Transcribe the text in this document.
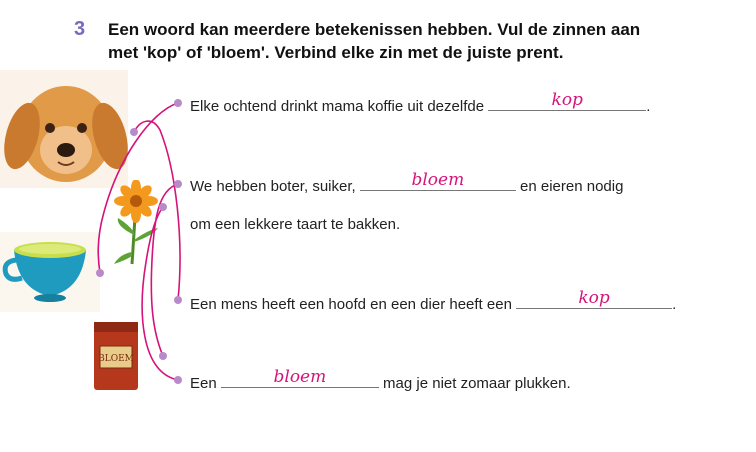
3 Een woord kan meerdere betekenissen hebben. Vul de zinnen aan
met 'kop' of 'bloem'. Verbind elke zin met de juiste prent.
BLOEM
Elke ochtend drinkt mama koffie uit dezelfde	kop	.
We hebben boter, suiker,	bloem	en eieren nodig
om een lekkere taart te bakken.
Een mens heeft een hoofd en een dier heeft een	kop	.
Een	bloem	mag je niet zomaar plukken.
